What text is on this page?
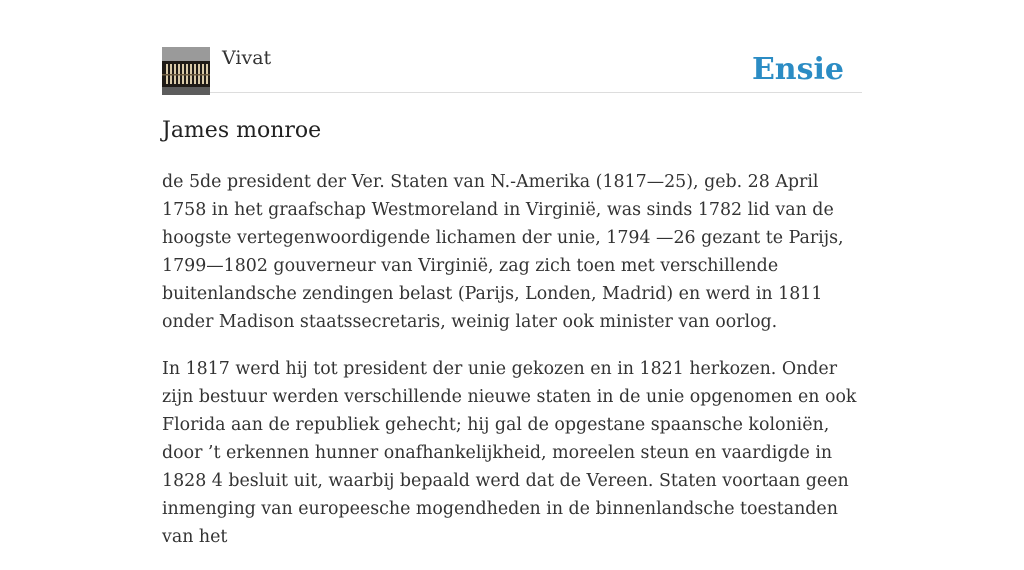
Vivat	Ensie
James monroe

de 5de president der Ver. Staten van N.-Amerika (1817—25), geb. 28 April 1758 in het graafschap Westmoreland in Virginië, was sinds 1782 lid van de hoogste vertegenwoordigende lichamen der unie, 1794 —26 gezant te Parijs, 1799—1802 gouverneur van Virginië, zag zich toen met verschillende buitenlandsche zendingen belast (Parijs, Londen, Madrid) en werd in 1811 onder Madison staatssecretaris, weinig later ook minister van oorlog.

In 1817 werd hij tot president der unie gekozen en in 1821 herkozen. Onder zijn bestuur werden verschillende nieuwe staten in de unie opgenomen en ook Florida aan de republiek gehecht; hij gal de opgestane spaansche koloniën, door ’t erkennen hunner onafhankelijkheid, moreelen steun en vaardigde in 1828 4 besluit uit, waarbij bepaald werd dat de Vereen. Staten voortaan geen inmenging van europeesche mogendheden in de binnenlandsche toestanden van het
